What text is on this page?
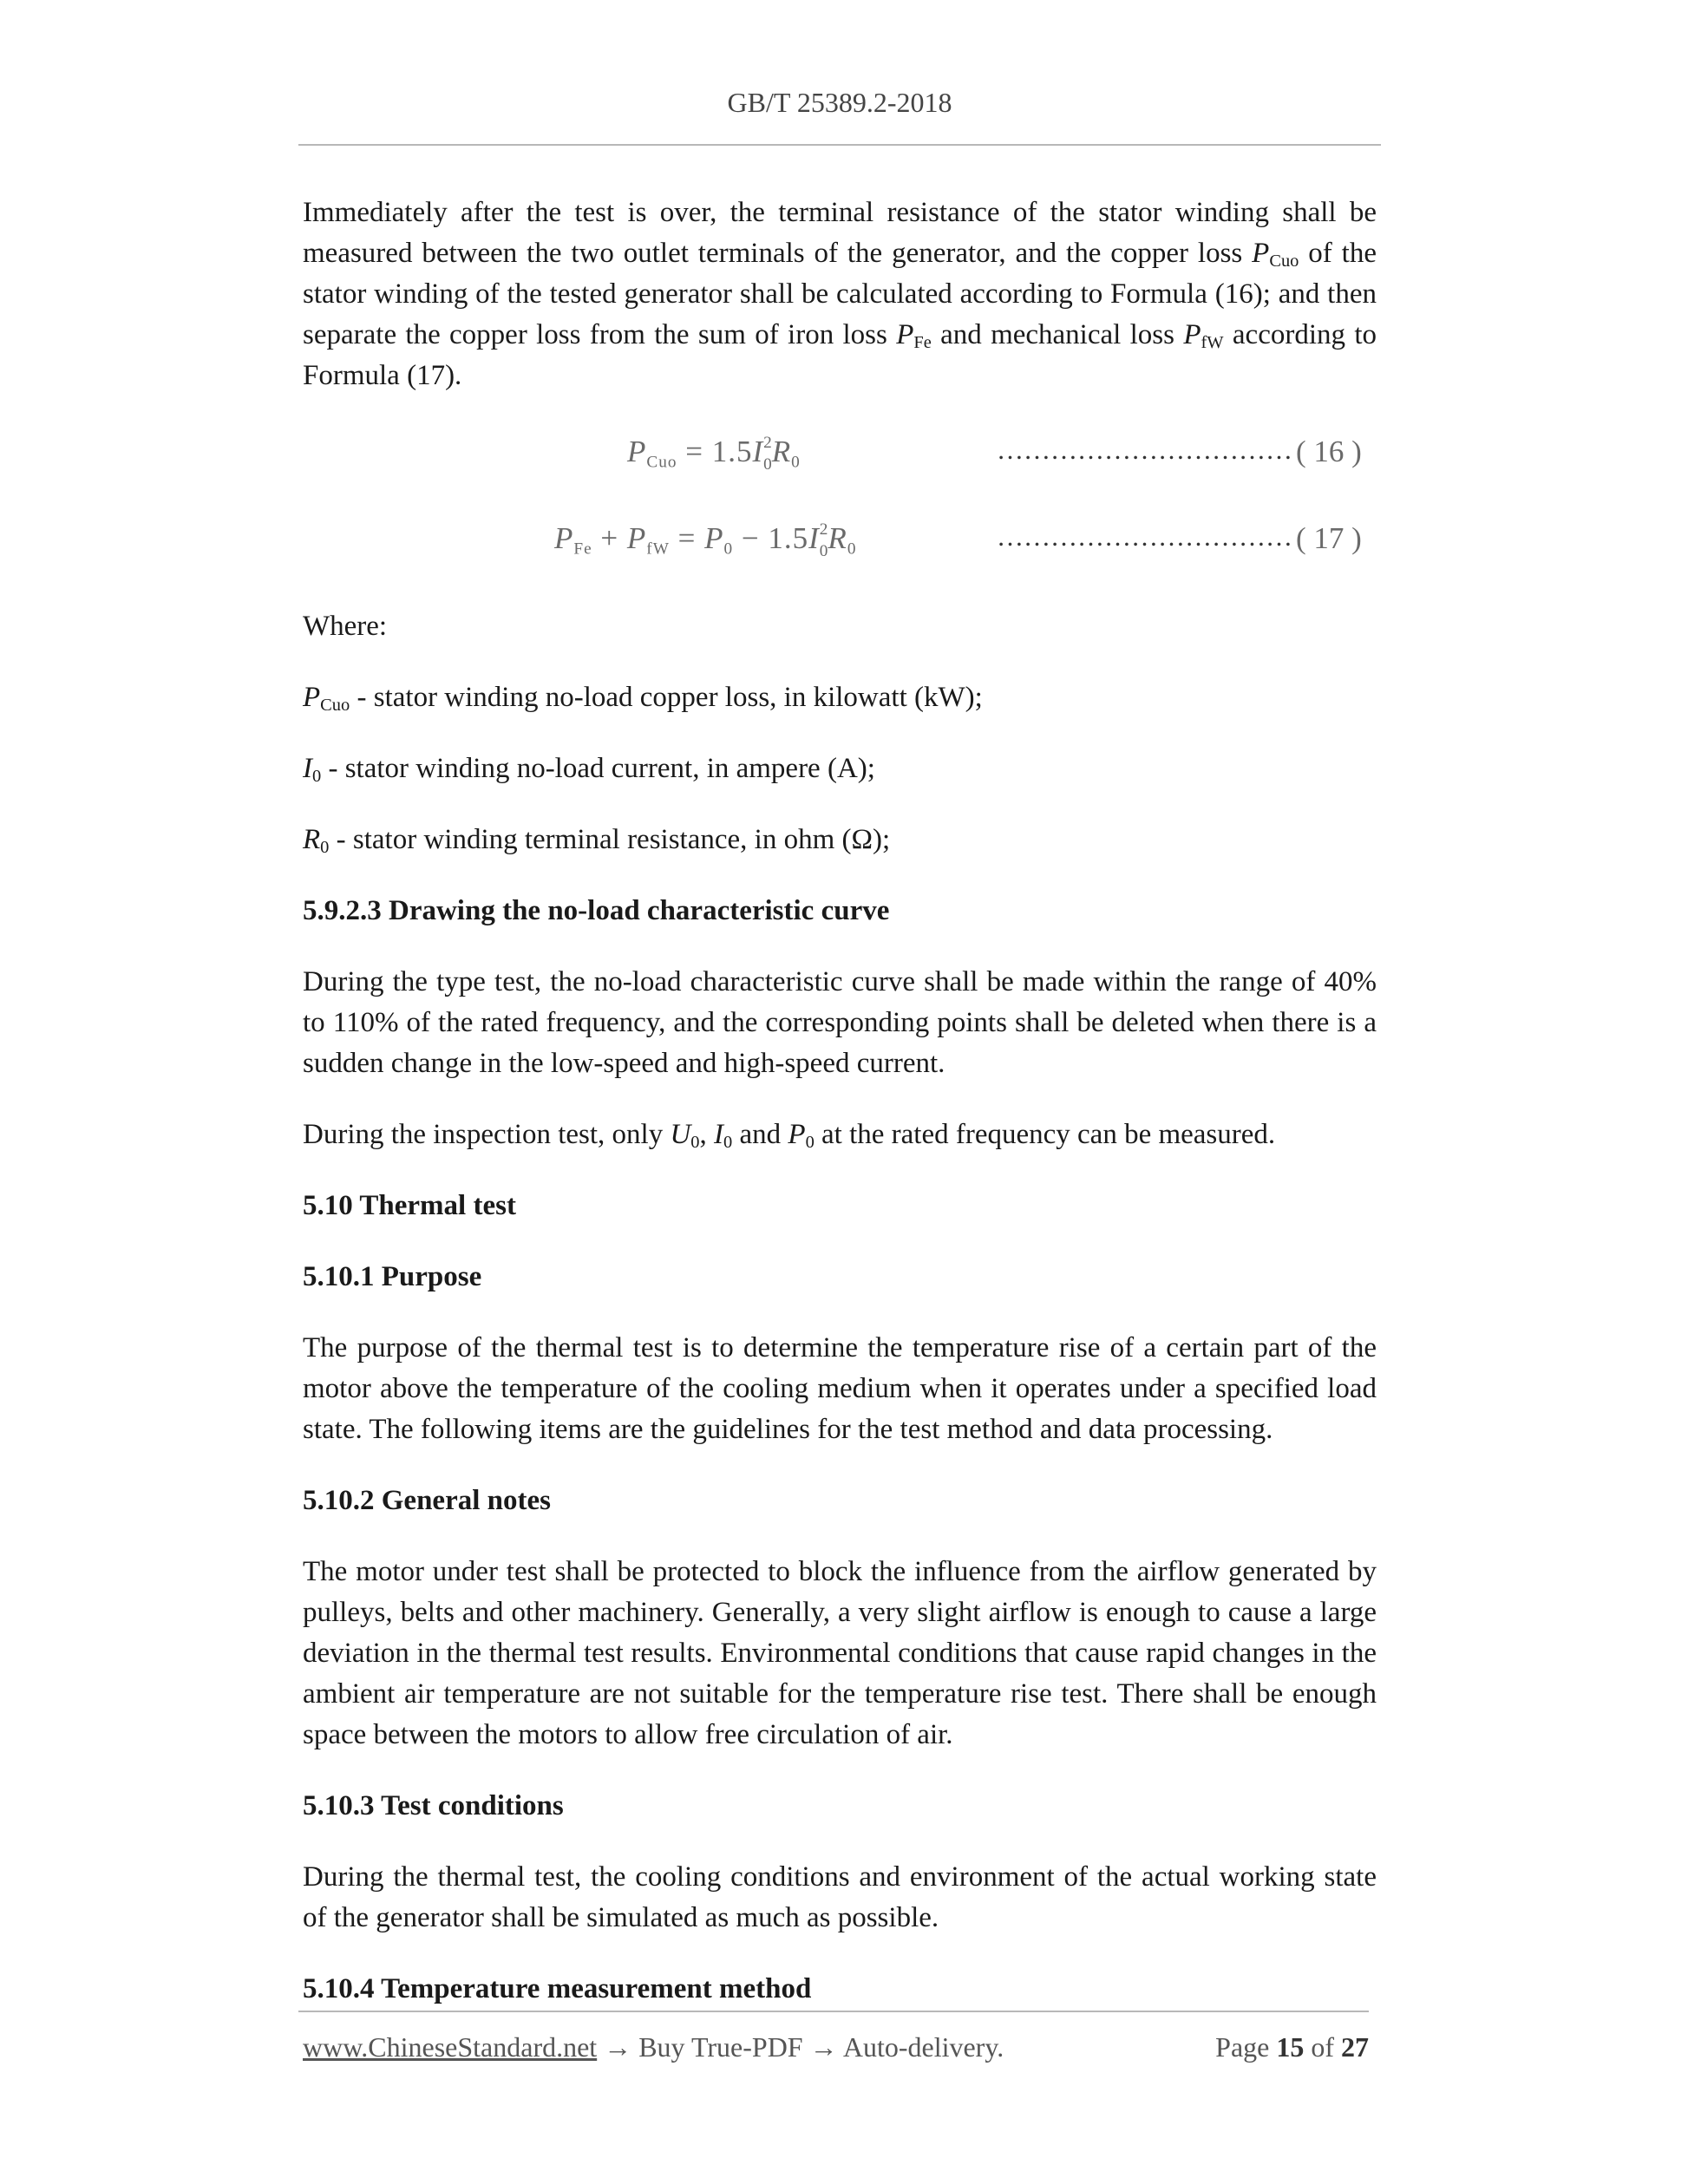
GB/T 25389.2-2018

Immediately after the test is over, the terminal resistance of the stator winding shall be measured between the two outlet terminals of the generator, and the copper loss $P_{Cuo}$ of the stator winding of the tested generator shall be calculated according to Formula (16); and then separate the copper loss from the sum of iron loss $P_{Fe}$ and mechanical loss $P_{fW}$ according to Formula (17).

PCuo = 1.5I 2
0 R0	…………………………… ( 16 )
PFe + PfW = P0 − 1.5I 2
0 R0	…………………………… ( 17 )

Where:

$P_{Cuo}$ - stator winding no-load copper loss, in kilowatt (kW);

$I_0$ - stator winding no-load current, in ampere (A);

$R_0$ - stator winding terminal resistance, in ohm (Ω);

5.9.2.3 Drawing the no-load characteristic curve

During the type test, the no-load characteristic curve shall be made within the range of 40% to 110% of the rated frequency, and the corresponding points shall be deleted when there is a sudden change in the low-speed and high-speed current.

During the inspection test, only $U_0$, $I_0$ and $P_0$ at the rated frequency can be measured.

5.10 Thermal test
5.10.1 Purpose

The purpose of the thermal test is to determine the temperature rise of a certain part of the motor above the temperature of the cooling medium when it operates under a specified load state. The following items are the guidelines for the test method and data processing.

5.10.2 General notes

The motor under test shall be protected to block the influence from the airflow generated by pulleys, belts and other machinery. Generally, a very slight airflow is enough to cause a large deviation in the thermal test results. Environmental conditions that cause rapid changes in the ambient air temperature are not suitable for the temperature rise test. There shall be enough space between the motors to allow free circulation of air.

5.10.3 Test conditions

During the thermal test, the cooling conditions and environment of the actual working state of the generator shall be simulated as much as possible.

5.10.4 Temperature measurement method
www.ChineseStandard.net → Buy True-PDF → Auto-delivery.	Page 15 of 27
